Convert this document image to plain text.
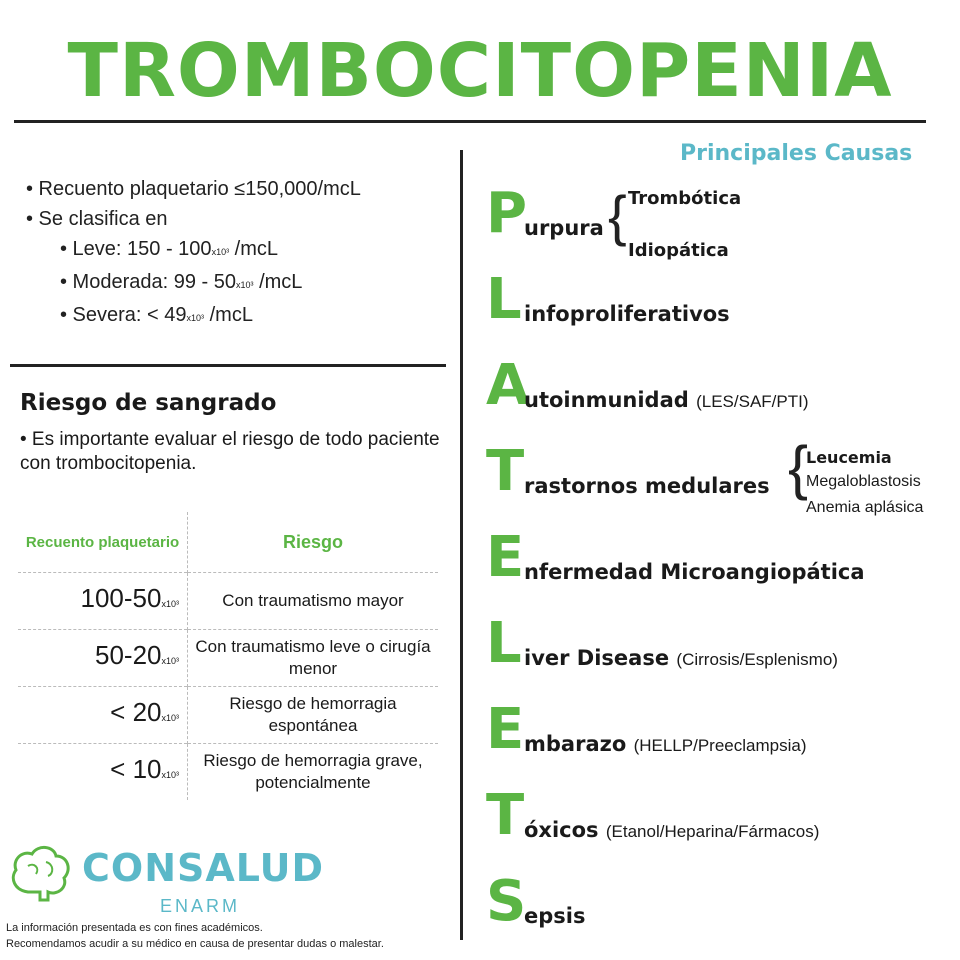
TROMBOCITOPENIA
• Recuento plaquetario ≤150,000/mcL
• Se clasifica en
• Leve: 150 - 100x10³ /mcL
• Moderada: 99 - 50x10³ /mcL
• Severa: < 49x10³ /mcL
Riesgo de sangrado
• Es importante evaluar el riesgo de todo paciente con trombocitopenia.
Recuento plaquetario	Riesgo
100-50x10³	Con traumatismo mayor
50-20x10³	Con traumatismo leve o cirugía menor
< 20x10³	Riesgo de hemorragia espontánea
< 10x10³	Riesgo de hemorragia grave, potencialmente
Principales Causas
P
urpura
L infoproliferativos
A
utoinmunidad (LES/SAF/PTI)
T rastornos medulares
E nfermedad Microangiopática
L iver Disease (Cirrosis/Esplenismo)
E mbarazo (HELLP/Preeclampsia)
T óxicos (Etanol/Heparina/Fármacos)
S
epsis
{ Trombótica
Idiopática
{
Leucemia
Megaloblastosis
Anemia aplásica
CONSALUD
ENARM
La información presentada es con fines académicos.
Recomendamos acudir a su médico en causa de presentar dudas o malestar.
